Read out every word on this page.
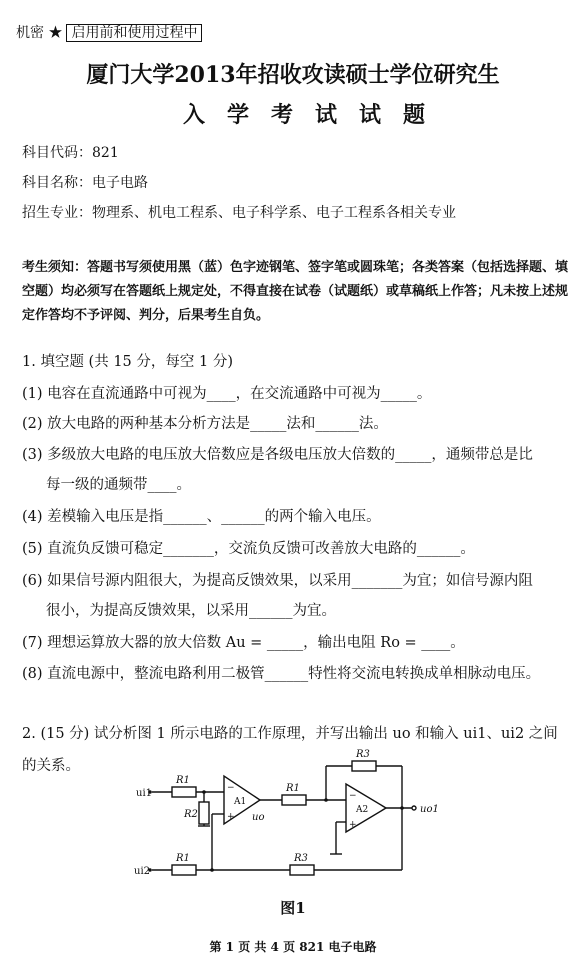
机密 ★ 启用前和使用过程中
厦门大学2013年招收攻读硕士学位研究生
入学考试试题
科目代码：821
科目名称：电子电路
招生专业：物理系、机电工程系、电子科学系、电子工程系各相关专业
考生须知：答题书写须使用黑（蓝）色字迹钢笔、签字笔或圆珠笔；各类答案（包括选择题、填空题）均必须写在答题纸上规定处，不得直接在试卷（试题纸）或草稿纸上作答；凡未按上述规定作答均不予评阅、判分，后果考生自负。
1. 填空题 (共 15 分，每空 1 分)
(1) 电容在直流通路中可视为____，在交流通路中可视为_____。
(2) 放大电路的两种基本分析方法是_____法和______法。
(3) 多级放大电路的电压放大倍数应是各级电压放大倍数的_____，通频带总是比
每一级的通频带____。
(4) 差模输入电压是指______、______的两个输入电压。
(5) 直流负反馈可稳定_______，交流负反馈可改善放大电路的______。
(6) 如果信号源内阻很大，为提高反馈效果，以采用_______为宜；如信号源内阻
很小，为提高反馈效果，以采用______为宜。
(7) 理想运算放大器的放大倍数 Au = _____，输出电阻 Ro = ____。
(8) 直流电源中，整流电路利用二极管______特性将交流电转换成单相脉动电压。
2. (15 分) 试分析图 1 所示电路的工作原理，并写出输出 uo 和输入 ui1、ui2 之间的关系。
ui1
R1
R2
A1
−
+ uo
R1
R3
A2
−
+
uo1
ui2
R1	R3
图1
第 1 页 共 4 页 821 电子电路
